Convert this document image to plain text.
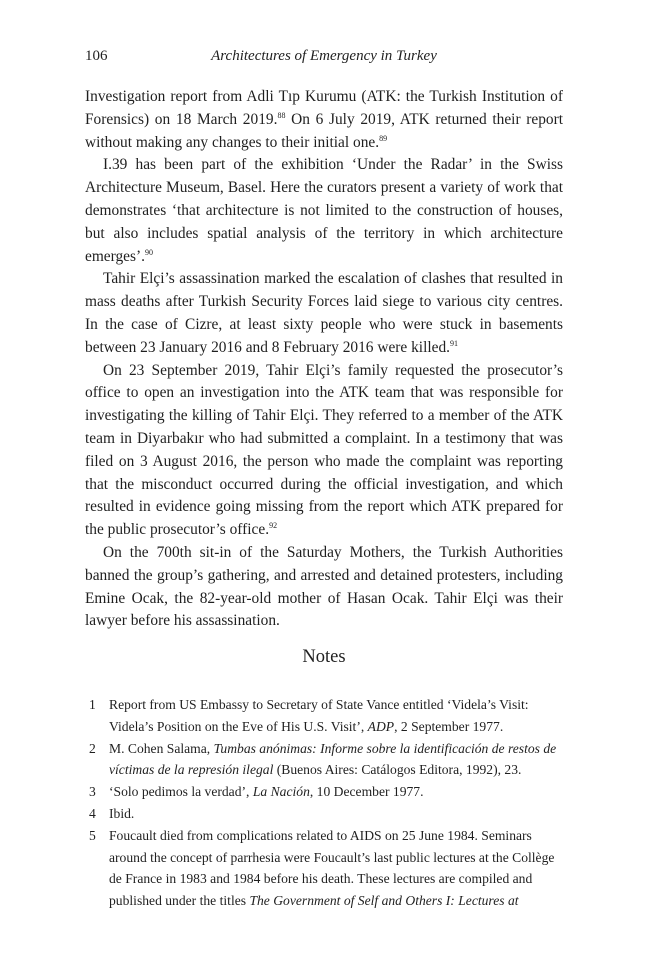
106	Architectures of Emergency in Turkey

Investigation report from Adli Tıp Kurumu (ATK: the Turkish Institution of Forensics) on 18 March 2019.88 On 6 July 2019, ATK returned their report without making any changes to their initial one.$^{89}$

I.39 has been part of the exhibition ‘Under the Radar’ in the Swiss Architecture Museum, Basel. Here the curators present a variety of work that demonstrates ‘that architecture is not limited to the construction of houses, but also includes spatial analysis of the territory in which architecture emerges’.$^{90}$

Tahir Elçi’s assassination marked the escalation of clashes that resulted in mass deaths after Turkish Security Forces laid siege to various city centres. In the case of Cizre, at least sixty people who were stuck in basements between 23 January 2016 and 8 February 2016 were killed.$^{91}$

On 23 September 2019, Tahir Elçi’s family requested the prosecutor’s office to open an investigation into the ATK team that was responsible for investigating the killing of Tahir Elçi. They referred to a member of the ATK team in Diyarbakır who had submitted a complaint. In a testimony that was filed on 3 August 2016, the person who made the complaint was reporting that the misconduct occurred during the official investigation, and which resulted in evidence going missing from the report which ATK prepared for the public prosecutor’s office.$^{92}$

On the 700th sit-in of the Saturday Mothers, the Turkish Authorities banned the group’s gathering, and arrested and detained protesters, including Emine Ocak, the 82-year-old mother of Hasan Ocak. Tahir Elçi was their lawyer before his assassination.

Notes
1 Report from US Embassy to Secretary of State Vance entitled ‘Videla’s Visit: Videla’s Position on the Eve of His U.S. Visit’, ADP, 2 September 1977.
2 M. Cohen Salama, Tumbas anónimas: Informe sobre la identificación de restos de víctimas de la represión ilegal (Buenos Aires: Catálogos Editora, 1992), 23.
3 ‘Solo pedimos la verdad’, La Nación, 10 December 1977.
4 Ibid.
5 Foucault died from complications related to AIDS on 25 June 1984. Seminars around the concept of parrhesia were Foucault’s last public lectures at the Collège de France in 1983 and 1984 before his death. These lectures are compiled and published under the titles The Government of Self and Others I: Lectures at
